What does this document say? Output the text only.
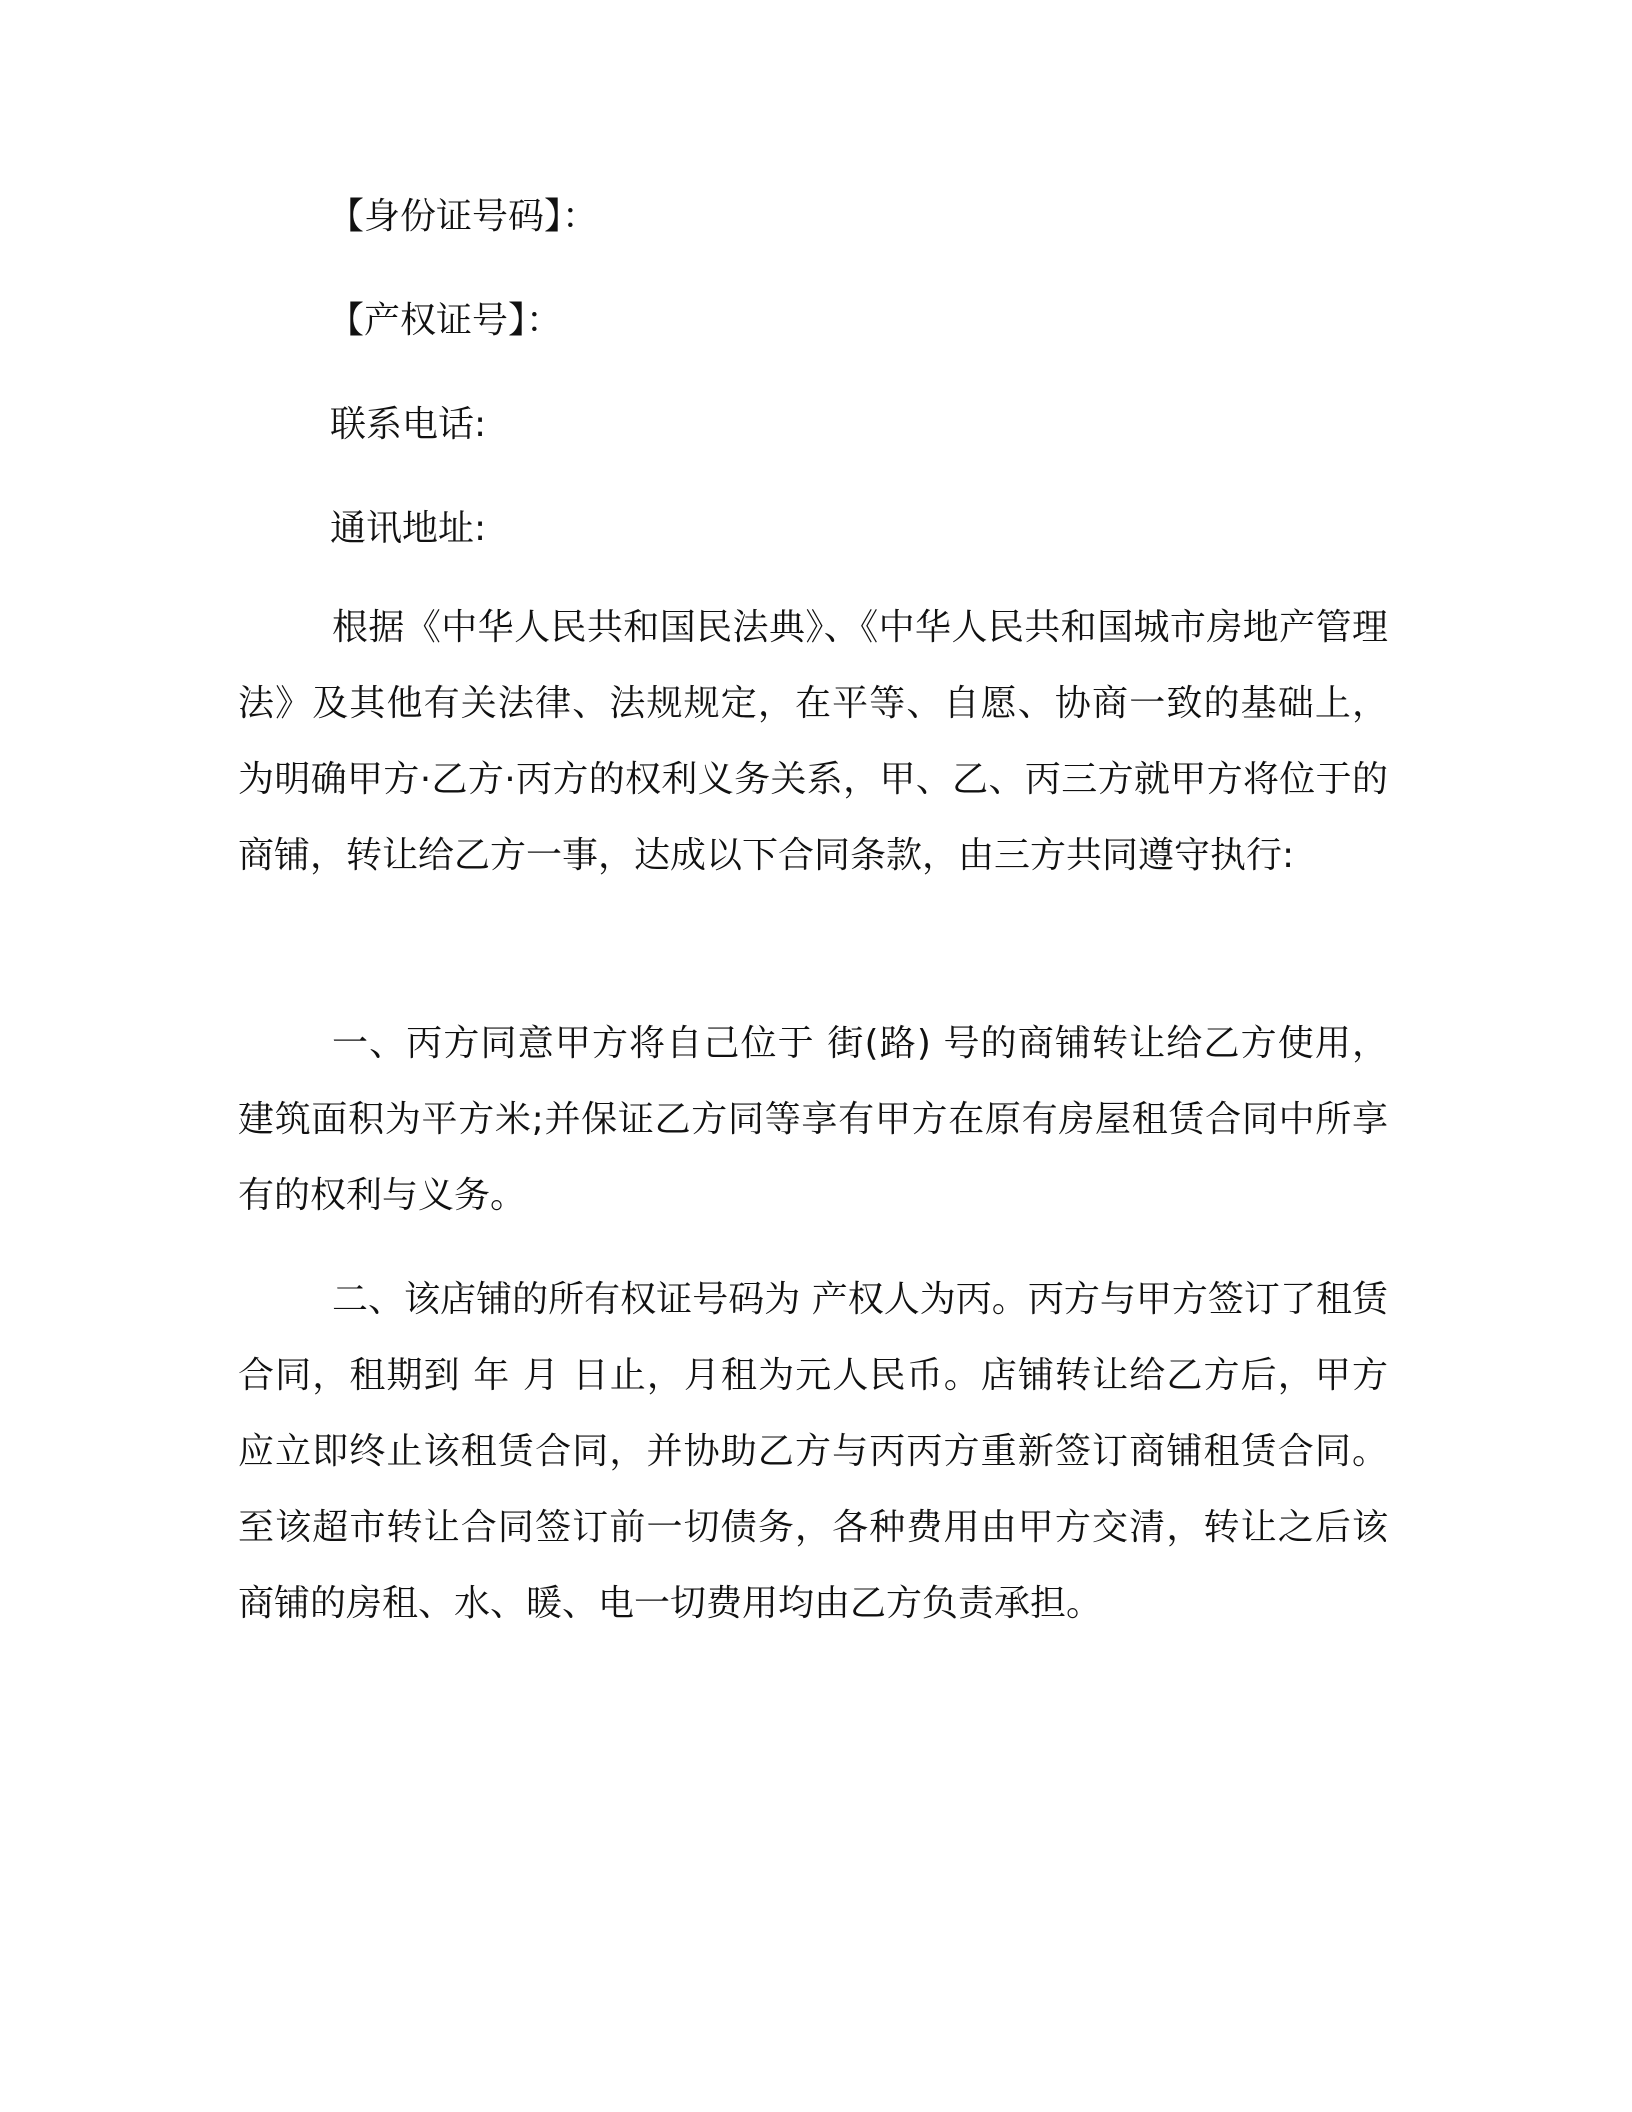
【身份证号码】：
【产权证号】：
联系电话:
通讯地址:

根据《中华人民共和国民法典》、《中华人民共和国城市房地产管理法》及其他有关法律、法规规定，在平等、自愿、协商一致的基础上，为明确甲方·乙方·丙方的权利义务关系，甲、乙、丙三方就甲方将位于的商铺，转让给乙方一事，达成以下合同条款，由三方共同遵守执行:

一、丙方同意甲方将自己位于 街(路) 号的商铺转让给乙方使用，建筑面积为平方米;并保证乙方同等享有甲方在原有房屋租赁合同中所享有的权利与义务。

二、该店铺的所有权证号码为 产权人为丙。丙方与甲方签订了租赁合同，租期到 年 月 日止，月租为元人民币。店铺转让给乙方后，甲方应立即终止该租赁合同，并协助乙方与丙丙方重新签订商铺租赁合同。至该超市转让合同签订前一切债务，各种费用由甲方交清，转让之后该商铺的房租、水、暖、电一切费用均由乙方负责承担。
